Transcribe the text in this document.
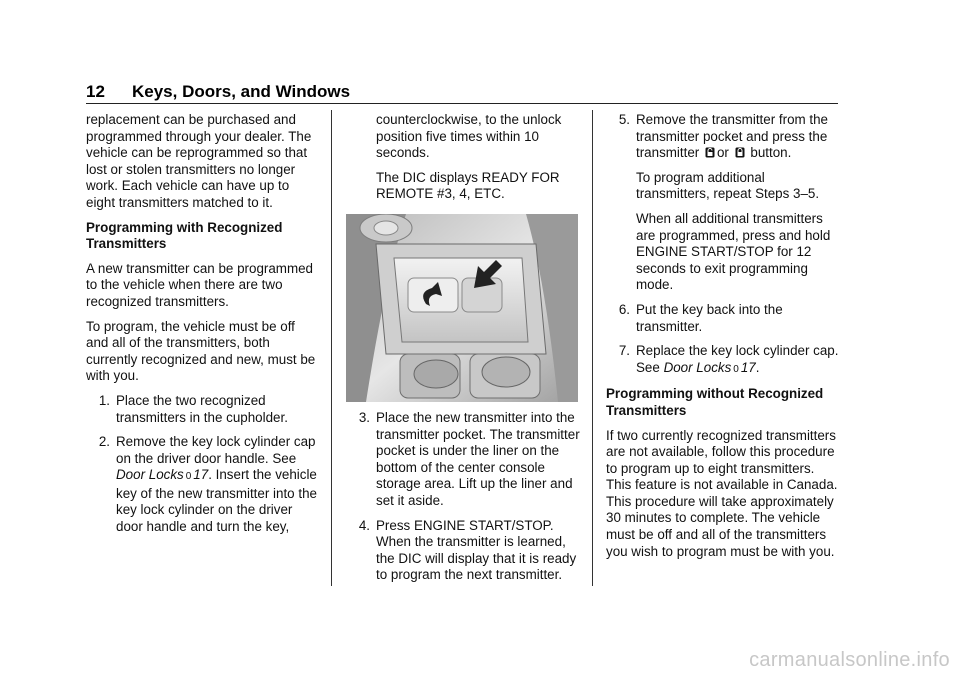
12 Keys, Doors, and Windows

replacement can be purchased and programmed through your dealer. The vehicle can be reprogrammed so that lost or stolen transmitters no longer work. Each vehicle can have up to eight transmitters matched to it.

Programming with Recognized Transmitters

A new transmitter can be programmed to the vehicle when there are two recognized transmitters.

To program, the vehicle must be off and all of the transmitters, both currently recognized and new, must be with you.

1. Place the two recognized transmitters in the cupholder.
2. Remove the key lock cylinder cap on the driver door handle. See Door Locks 0 17. Insert the vehicle key of the new transmitter into the key lock cylinder on the driver door handle and turn the key,

counterclockwise, to the unlock position five times within 10 seconds.

The DIC displays READY FOR REMOTE #3, 4, ETC.

3. Place the new transmitter into the transmitter pocket. The transmitter pocket is under the liner on the bottom of the center console storage area. Lift up the liner and set it aside.
4. Press ENGINE START/STOP. When the transmitter is learned, the DIC will display that it is ready to program the next transmitter.
5. Remove the transmitter from the transmitter pocket and press the transmitter or button.

To program additional transmitters, repeat Steps 3–5.

When all additional transmitters are programmed, press and hold ENGINE START/STOP for 12 seconds to exit programming mode.

6. Put the key back into the transmitter.
7. Replace the key lock cylinder cap. See Door Locks 0 17.

Programming without Recognized Transmitters

If two currently recognized transmitters are not available, follow this procedure to program up to eight transmitters. This feature is not available in Canada. This procedure will take approximately 30 minutes to complete. The vehicle must be off and all of the transmitters you wish to program must be with you.

carmanualsonline.info
